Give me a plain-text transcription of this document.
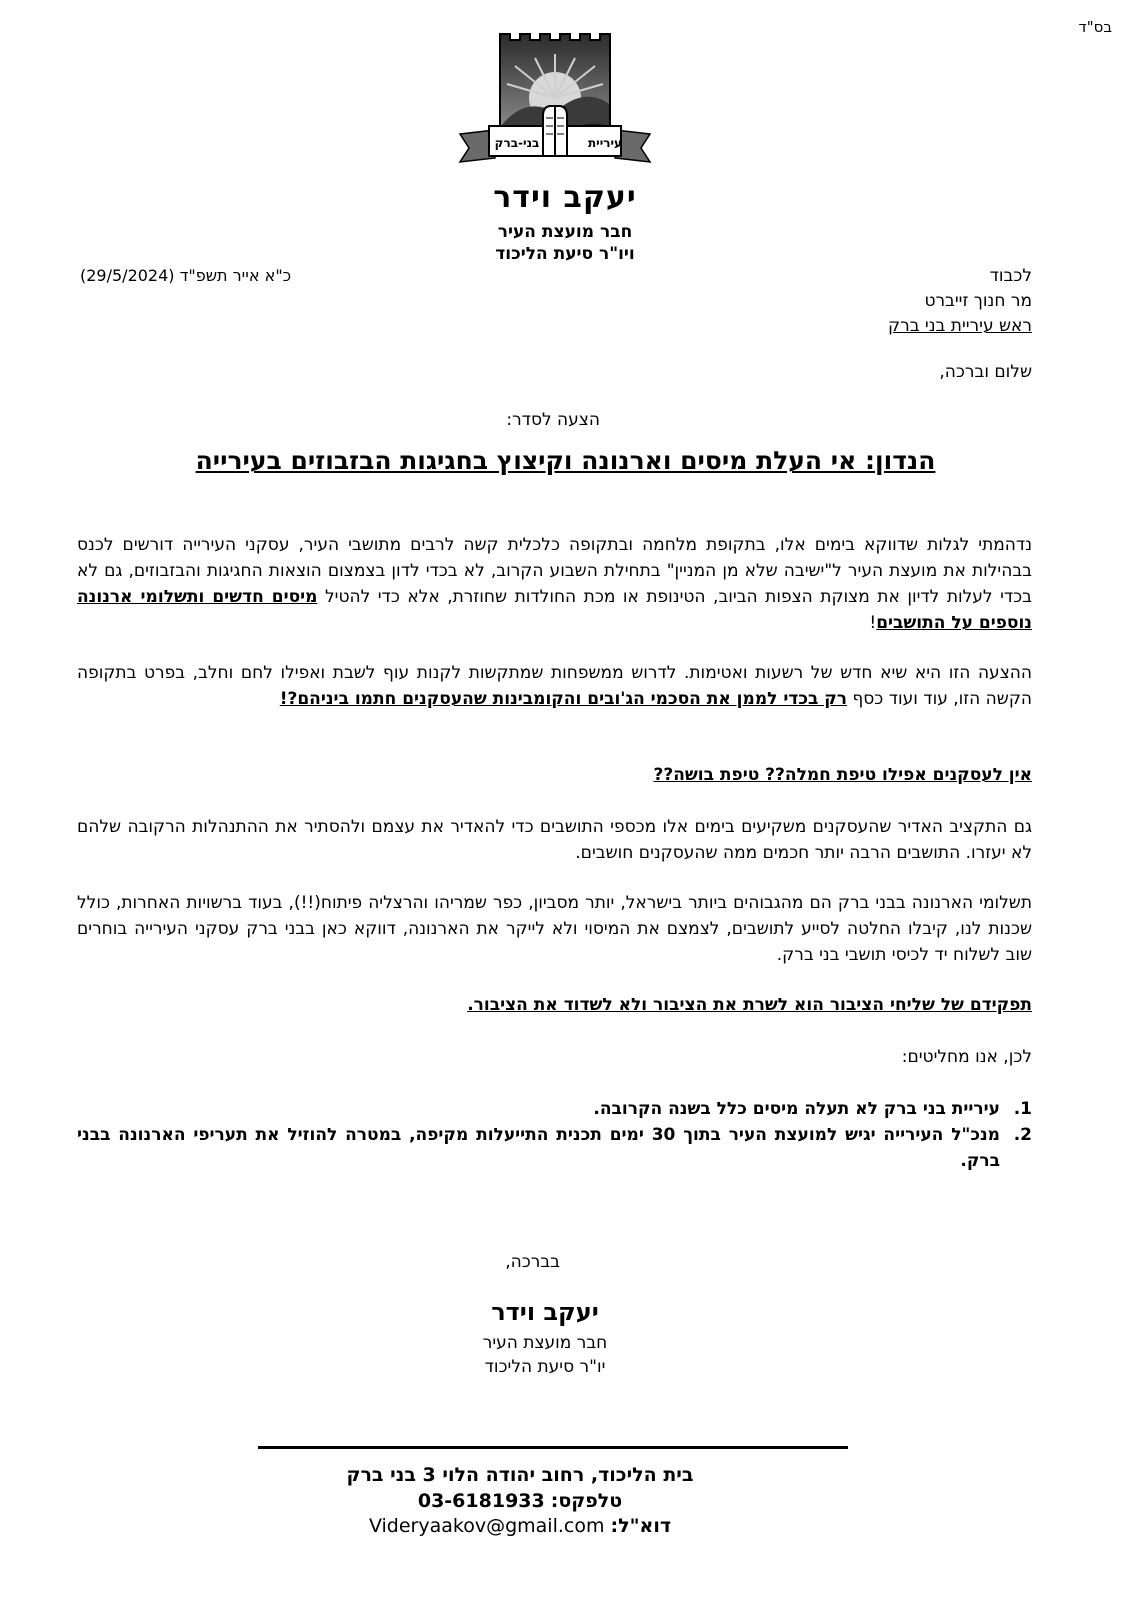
בס"ד
עיריית
בני-ברק
יעקב וידר
חבר מועצת העיר
ויו"ר סיעת הליכוד
כ"א אייר תשפ"ד (29/5/2024)	לכבוד
מר חנוך זייברט
ראש עיריית בני ברק
שלום וברכה,
הצעה לסדר:
הנדון: אי העלת מיסים וארנונה וקיצוץ בחגיגות הבזבוזים בעירייה
נדהמתי לגלות שדווקא בימים אלו, בתקופת מלחמה ובתקופה כלכלית קשה לרבים מתושבי העיר, עסקני העירייה דורשים לכנס בבהילות את מועצת העיר ל"ישיבה שלא מן המניין" בתחילת השבוע הקרוב, לא בכדי לדון בצמצום הוצאות החגיגות והבזבוזים, גם לא בכדי לעלות לדיון את מצוקת הצפות הביוב, הטינופת או מכת החולדות שחוזרת, אלא כדי להטיל מיסים חדשים ותשלומי ארנונה נוספים על התושבים!
ההצעה הזו היא שיא חדש של רשעות ואטימות. לדרוש ממשפחות שמתקשות לקנות עוף לשבת ואפילו לחם וחלב, בפרט בתקופה הקשה הזו, עוד ועוד כסף רק בכדי לממן את הסכמי הג'ובים והקומבינות שהעסקנים חתמו ביניהם?!
אין לעסקנים אפילו טיפת חמלה?? טיפת בושה??
גם התקציב האדיר שהעסקנים משקיעים בימים אלו מכספי התושבים כדי להאדיר את עצמם ולהסתיר את ההתנהלות הרקובה שלהם לא יעזרו. התושבים הרבה יותר חכמים ממה שהעסקנים חושבים.
תשלומי הארנונה בבני ברק הם מהגבוהים ביותר בישראל, יותר מסביון, כפר שמריהו והרצליה פיתוח(!!), בעוד ברשויות האחרות, כולל שכנות לנו, קיבלו החלטה לסייע לתושבים, לצמצם את המיסוי ולא לייקר את הארנונה, דווקא כאן בבני ברק עסקני העירייה בוחרים שוב לשלוח יד לכיסי תושבי בני ברק.
תפקידם של שליחי הציבור הוא לשרת את הציבור ולא לשדוד את הציבור.
לכן, אנו מחליטים:
1.
עיריית בני ברק לא תעלה מיסים כלל בשנה הקרובה.
2.
מנכ"ל העירייה יגיש למועצת העיר בתוך 30 ימים תכנית התייעלות מקיפה, במטרה להוזיל את תעריפי הארנונה בבני ברק.
בברכה,
יעקב וידר
חבר מועצת העיר
יו"ר סיעת הליכוד
בית הליכוד, רחוב יהודה הלוי 3 בני ברק
טלפקס:03-6181933
דוא"ל:Videryaakov@gmail.com
